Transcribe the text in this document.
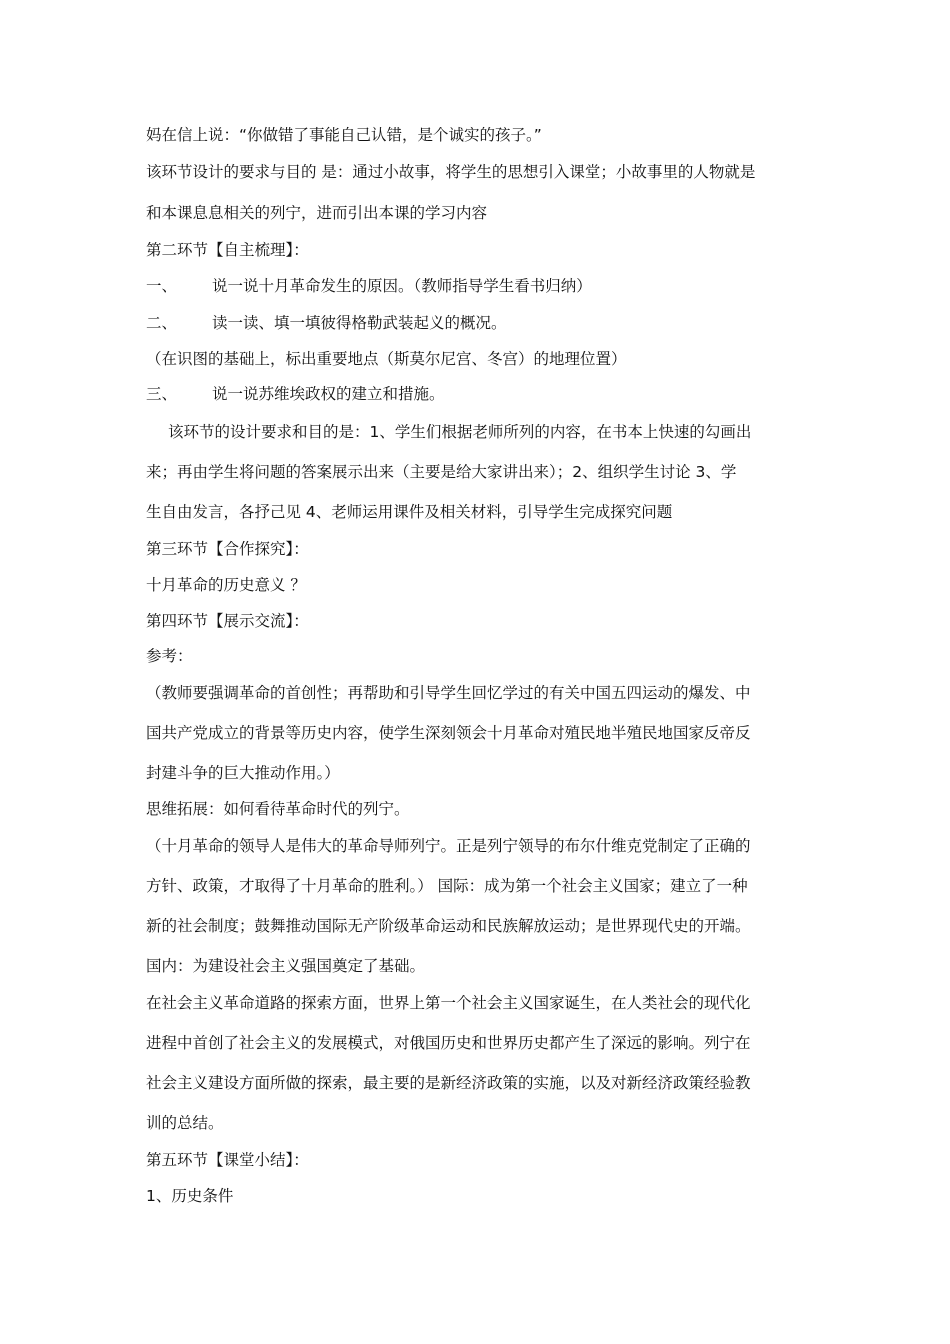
妈在信上说：“你做错了事能自己认错，是个诚实的孩子。”
该环节设计的要求与目的 是：通过小故事，将学生的思想引入课堂；小故事里的人物就是
和本课息息相关的列宁，进而引出本课的学习内容
第二环节【自主梳理】：
一、 说一说十月革命发生的原因。（教师指导学生看书归纳）
二、 读一读、填一填彼得格勒武装起义的概况。
（在识图的基础上，标出重要地点（斯莫尔尼宫、冬宫）的地理位置）
三、 说一说苏维埃政权的建立和措施。
该环节的设计要求和目的是：1、学生们根据老师所列的内容，在书本上快速的勾画出
来；再由学生将问题的答案展示出来（主要是给大家讲出来）；2、组织学生讨论 3、学
生自由发言，各抒己见 4、老师运用课件及相关材料，引导学生完成探究问题
第三环节【合作探究】：
十月革命的历史意义 ？
第四环节【展示交流】：
参考：
（教师要强调革命的首创性；再帮助和引导学生回忆学过的有关中国五四运动的爆发、中
国共产党成立的背景等历史内容，使学生深刻领会十月革命对殖民地半殖民地国家反帝反
封建斗争的巨大推动作用。）
思维拓展：如何看待革命时代的列宁。
（十月革命的领导人是伟大的革命导师列宁。正是列宁领导的布尔什维克党制定了正确的
方针、政策，才取得了十月革命的胜利。） 国际：成为第一个社会主义国家；建立了一种
新的社会制度；鼓舞推动国际无产阶级革命运动和民族解放运动；是世界现代史的开端。
国内：为建设社会主义强国奠定了基础。
在社会主义革命道路的探索方面，世界上第一个社会主义国家诞生，在人类社会的现代化
进程中首创了社会主义的发展模式，对俄国历史和世界历史都产生了深远的影响。列宁在
社会主义建设方面所做的探索，最主要的是新经济政策的实施，以及对新经济政策经验教
训的总结。
第五环节【课堂小结】：
1、历史条件
